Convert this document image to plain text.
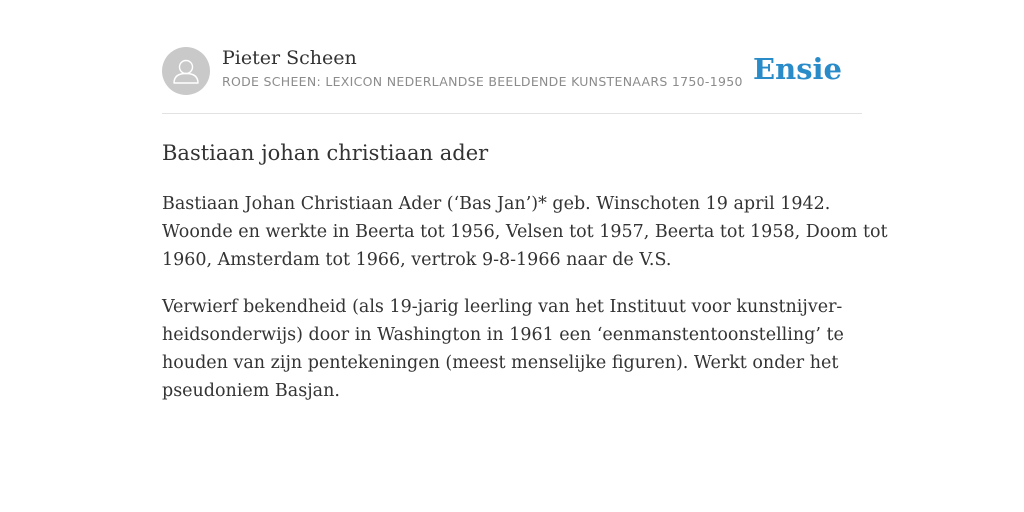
Pieter Scheen
RODE SCHEEN: LEXICON NEDERLANDSE BEELDENDE KUNSTENAARS 1750-1950 Ensie
Bastiaan johan christiaan ader

Bastiaan Johan Christiaan Ader (‘Bas Jan’)* geb. Winschoten 19 april 1942.
Woonde en werkte in Beerta tot 1956, Velsen tot 1957, Beerta tot 1958, Doom tot
1960, Amsterdam tot 1966, vertrok 9-8-1966 naar de V.S.

Verwierf bekendheid (als 19-jarig leerling van het Instituut voor kunstnijver-
heidsonderwijs) door in Washington in 1961 een ‘eenmanstentoonstelling’ te
houden van zijn pentekeningen (meest menselijke figuren). Werkt onder het
pseudoniem Basjan.
